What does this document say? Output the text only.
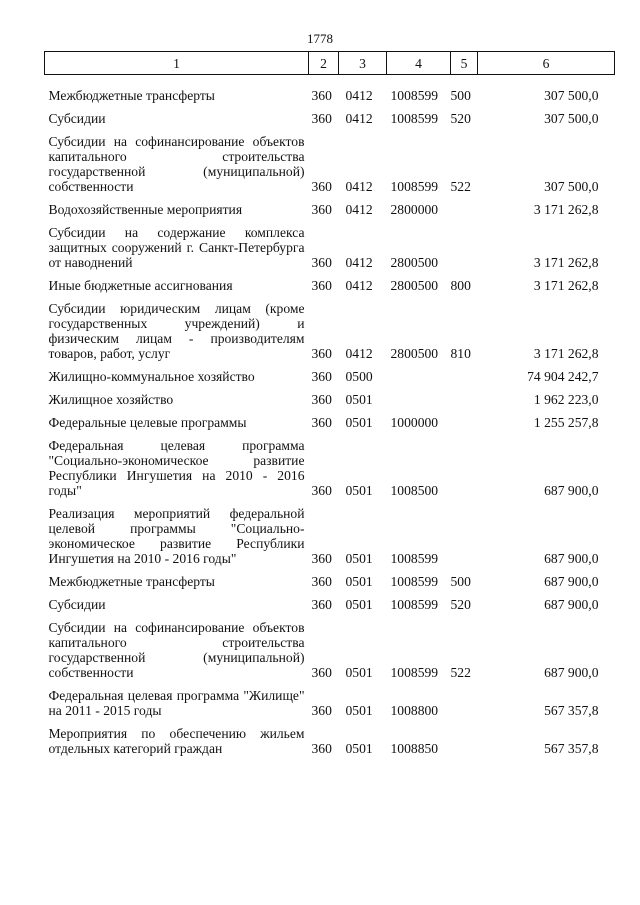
1778
1	2	3	4	5	6
Межбюджетные трансферты	360	0412	1008599	500	307 500,0
Субсидии	360	0412	1008599	520	307 500,0
Субсидии на софинансирование объектов капитального строительства государственной (муниципальной) собственности	360	0412	1008599	522	307 500,0
Водохозяйственные мероприятия	360	0412	2800000		3 171 262,8
Субсидии на содержание комплекса защитных сооружений г. Санкт-Петербурга от наводнений	360	0412	2800500		3 171 262,8
Иные бюджетные ассигнования	360	0412	2800500	800	3 171 262,8
Субсидии юридическим лицам (кроме государственных учреждений) и физическим лицам - производителям товаров, работ, услуг	360	0412	2800500	810	3 171 262,8
Жилищно-коммунальное хозяйство	360	0500			74 904 242,7
Жилищное хозяйство	360	0501			1 962 223,0
Федеральные целевые программы	360	0501	1000000		1 255 257,8
Федеральная целевая программа "Социально-экономическое развитие Республики Ингушетия на 2010 - 2016 годы"	360	0501	1008500		687 900,0
Реализация мероприятий федеральной целевой программы "Социально-экономическое развитие Республики Ингушетия на 2010 - 2016 годы"	360	0501	1008599		687 900,0
Межбюджетные трансферты	360	0501	1008599	500	687 900,0
Субсидии	360	0501	1008599	520	687 900,0
Субсидии на софинансирование объектов капитального строительства государственной (муниципальной) собственности	360	0501	1008599	522	687 900,0
Федеральная целевая программа "Жилище" на 2011 - 2015 годы	360	0501	1008800		567 357,8
Мероприятия по обеспечению жильем отдельных категорий граждан	360	0501	1008850		567 357,8
